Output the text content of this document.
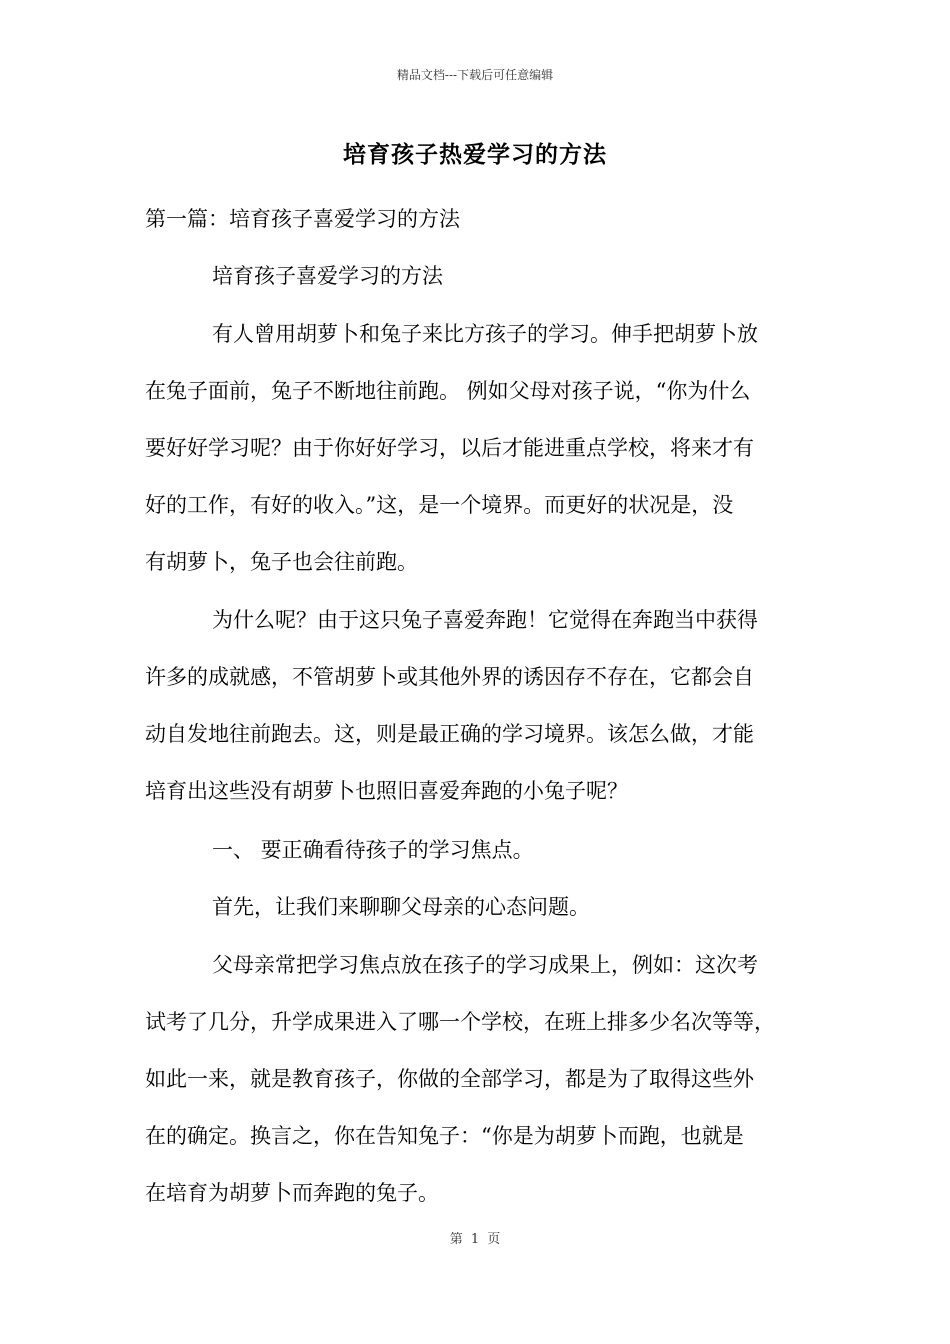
精品文档---下载后可任意编辑
培育孩子热爱学习的方法
第一篇：培育孩子喜爱学习的方法
培育孩子喜爱学习的方法
有人曾用胡萝卜和兔子来比方孩子的学习。伸手把胡萝卜放
在兔子面前，兔子不断地往前跑。 例如父母对孩子说，“你为什么
要好好学习呢？由于你好好学习，以后才能进重点学校，将来才有
好的工作，有好的收入。”这，是一个境界。而更好的状况是，没
有胡萝卜，兔子也会往前跑。
为什么呢？由于这只兔子喜爱奔跑！它觉得在奔跑当中获得
许多的成就感，不管胡萝卜或其他外界的诱因存不存在，它都会自
动自发地往前跑去。这，则是最正确的学习境界。该怎么做，才能
培育出这些没有胡萝卜也照旧喜爱奔跑的小兔子呢？
一、 要正确看待孩子的学习焦点。
首先，让我们来聊聊父母亲的心态问题。
父母亲常把学习焦点放在孩子的学习成果上，例如：这次考
试考了几分，升学成果进入了哪一个学校，在班上排多少名次等等，
如此一来，就是教育孩子，你做的全部学习，都是为了取得这些外
在的确定。换言之，你在告知兔子：“你是为胡萝卜而跑，也就是
在培育为胡萝卜而奔跑的兔子。
第 1 页
